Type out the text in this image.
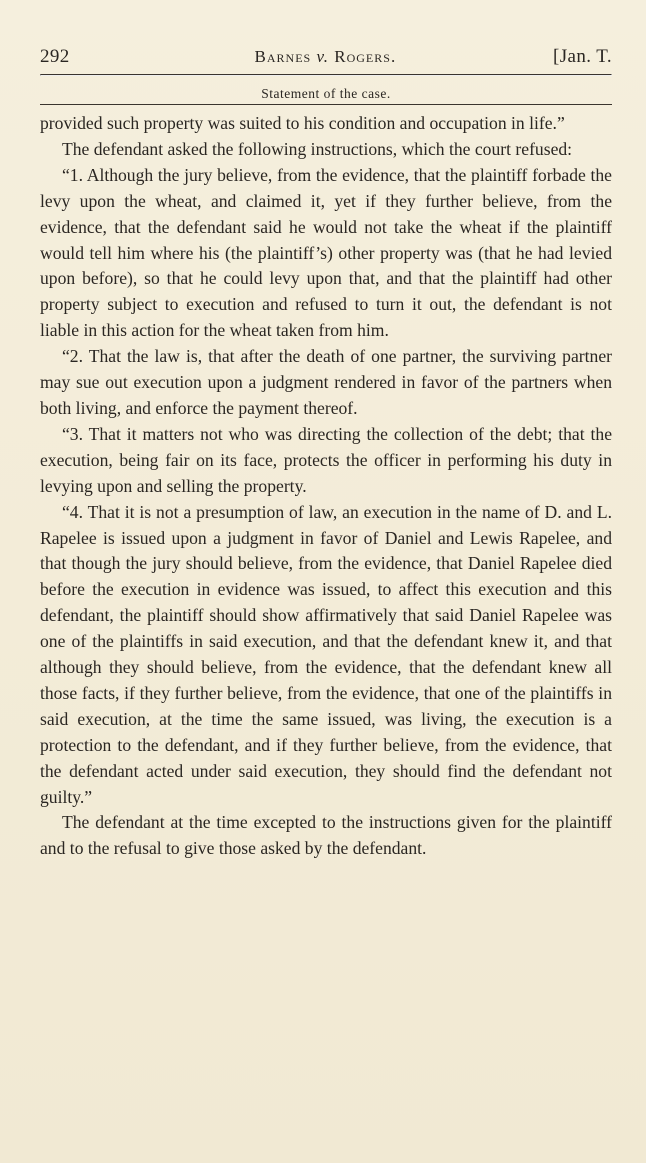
292	Barnes v. Rogers.	[Jan. T.
Statement of the case.

provided such property was suited to his condition and occupation in life.”

The defendant asked the following instructions, which the court refused:

“1. Although the jury believe, from the evidence, that the plaintiff forbade the levy upon the wheat, and claimed it, yet if they further believe, from the evidence, that the defendant said he would not take the wheat if the plaintiff would tell him where his (the plaintiff’s) other property was (that he had levied upon before), so that he could levy upon that, and that the plaintiff had other property subject to execution and refused to turn it out, the defendant is not liable in this action for the wheat taken from him.

“2. That the law is, that after the death of one partner, the surviving partner may sue out execution upon a judgment rendered in favor of the partners when both living, and enforce the payment thereof.

“3. That it matters not who was directing the collection of the debt; that the execution, being fair on its face, protects the officer in performing his duty in levying upon and selling the property.

“4. That it is not a presumption of law, an execution in the name of D. and L. Rapelee is issued upon a judgment in favor of Daniel and Lewis Rapelee, and that though the jury should believe, from the evidence, that Daniel Rapelee died before the execution in evidence was issued, to affect this execution and this defendant, the plaintiff should show affirmatively that said Daniel Rapelee was one of the plaintiffs in said execution, and that the defendant knew it, and that although they should believe, from the evidence, that the defendant knew all those facts, if they further believe, from the evidence, that one of the plaintiffs in said execution, at the time the same issued, was living, the execution is a protection to the defendant, and if they further believe, from the evidence, that the defendant acted under said execution, they should find the defendant not guilty.”

The defendant at the time excepted to the instructions given for the plaintiff and to the refusal to give those asked by the defendant.
